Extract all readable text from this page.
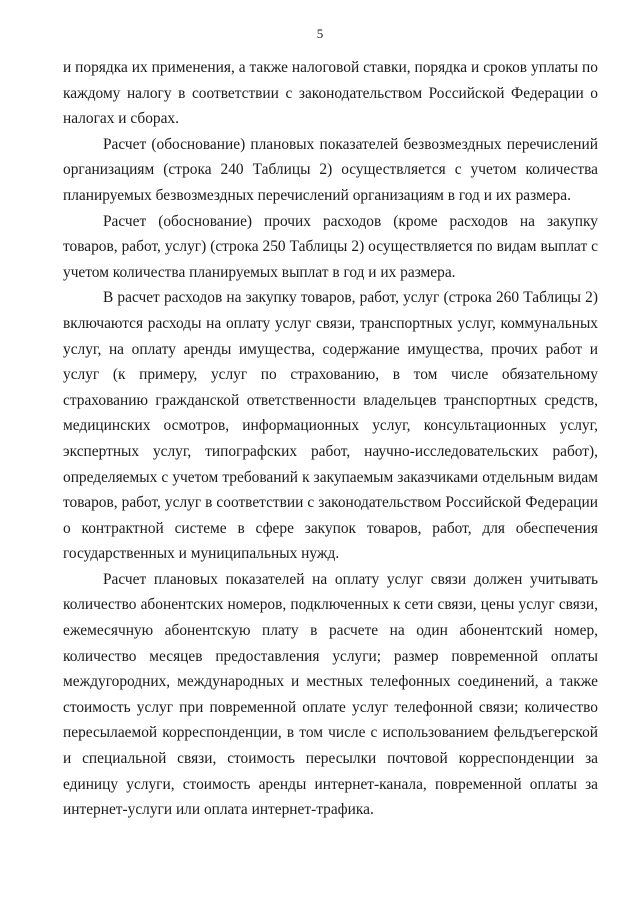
5

и порядка их применения, а также налоговой ставки, порядка и сроков уплаты по каждому налогу в соответствии с законодательством Российской Федерации о налогах и сборах.

Расчет (обоснование) плановых показателей безвозмездных перечислений организациям (строка 240 Таблицы 2) осуществляется с учетом количества планируемых безвозмездных перечислений организациям в год и их размера.

Расчет (обоснование) прочих расходов (кроме расходов на закупку товаров, работ, услуг) (строка 250 Таблицы 2) осуществляется по видам выплат с учетом количества планируемых выплат в год и их размера.

В расчет расходов на закупку товаров, работ, услуг (строка 260 Таблицы 2) включаются расходы на оплату услуг связи, транспортных услуг, коммунальных услуг, на оплату аренды имущества, содержание имущества, прочих работ и услуг (к примеру, услуг по страхованию, в том числе обязательному страхованию гражданской ответственности владельцев транспортных средств, медицинских осмотров, информационных услуг, консультационных услуг, экспертных услуг, типографских работ, научно-исследовательских работ), определяемых с учетом требований к закупаемым заказчиками отдельным видам товаров, работ, услуг в соответствии с законодательством Российской Федерации о контрактной системе в сфере закупок товаров, работ, для обеспечения государственных и муниципальных нужд.

Расчет плановых показателей на оплату услуг связи должен учитывать количество абонентских номеров, подключенных к сети связи, цены услуг связи, ежемесячную абонентскую плату в расчете на один абонентский номер, количество месяцев предоставления услуги; размер повременной оплаты междугородних, международных и местных телефонных соединений, а также стоимость услуг при повременной оплате услуг телефонной связи; количество пересылаемой корреспонденции, в том числе с использованием фельдъегерской и специальной связи, стоимость пересылки почтовой корреспонденции за единицу услуги, стоимость аренды интернет-канала, повременной оплаты за интернет-услуги или оплата интернет-трафика.
